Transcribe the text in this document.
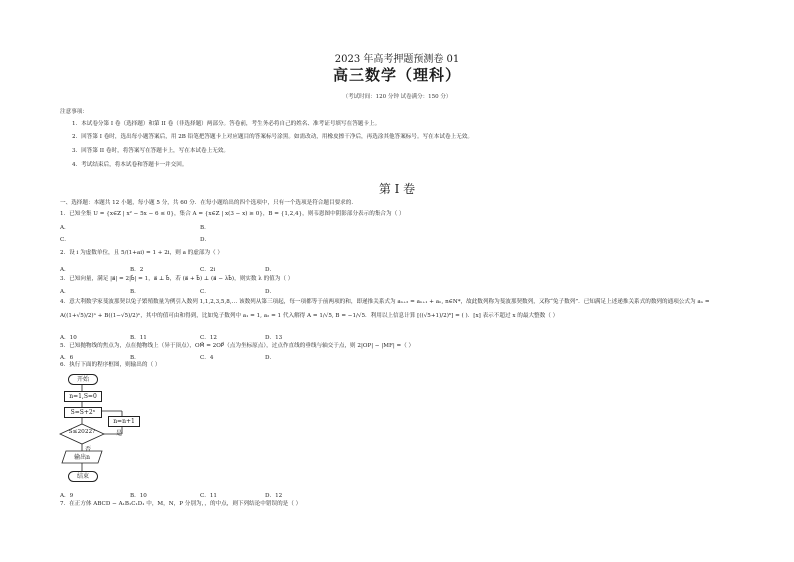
2023 年高考押题预测卷 01
高三数学（理科）
（考试时间：120 分钟 试卷满分：150 分）
注意事项：
1．本试卷分第 I 卷（选择题）和第 II 卷（非选择题）两部分。答卷前，考生务必将自己的姓名、准考证号填写在答题卡上。
2．回答第 I 卷时，选出每小题答案后，用 2B 铅笔把答题卡上对应题目的答案标号涂黑。如需改动，用橡皮擦干净后，再选涂其他答案标号。写在本试卷上无效。
3．回答第 II 卷时，将答案写在答题卡上，写在本试卷上无效。
4．考试结束后，将本试卷和答题卡一并交回。
第 I 卷
一、选择题：本题共 12 小题，每小题 5 分，共 60 分．在每小题给出的四个选项中，只有一个选项是符合题目要求的．
1．已知全集 U = {x∈Z | x² − 5x − 6 ≤ 0}，集合 A = {x∈Z | x(3 − x) ≥ 0}，B = {1,2,4}，则韦恩图中阴影部分表示的集合为（ ）
A．	B．
C．	D．
2．设 i 为虚数单位，且 5/(1+ai) = 1 + 2i，则 a 的虚部为（ ）
A．	B．2	C．2i	D．
3．已知向量，满足 |a⃗| = 2|b⃗| = 1，a⃗ ⊥ b⃗，若 (a⃗ + b⃗) ⊥ (a⃗ − λb⃗)，则实数 λ 的值为（ ）
A．	B．	C．	D．
4．意大利数学家斐波那契以兔子繁殖数量为例引入数列 1,1,2,3,5,8,… 该数列从第三项起，每一项都等于前两项的和，即递推关系式为 aₙ₊₂ = aₙ₊₁ + aₙ, n∈N*，故此数列称为斐波那契数列，又称“兔子数列”．已知满足上述递推关系式的数列的通项公式为 aₙ = A((1+√5)/2)ⁿ + B((1−√5)/2)ⁿ，其中的值可由和得到，比如兔子数列中 a₁ = 1, a₂ = 1 代入解得 A = 1/√5, B = −1/√5．利用以上信息计算 [((√5+1)/2)⁶] = ( )．[x] 表示不超过 x 的最大整数（ ）
A．10	B．11	C．12	D．13
5．已知抛物线的焦点为，点在抛物线上（异于顶点），OM⃗ = 2OP⃗（点为坐标原点），过点作直线的垂线与轴交于点，则 2|OP| − |MF| =（ ）
A．6	B．	C．4	D．
6．执行下面的程序框图，则输出的（ ）
开始
n=1,S=0
S=S+2ⁿ
n=n+1
S≤2022?	是
否
输出n
结束
A．9	B．10	C．11	D．12
7．在正方体 ABCD − A₁B₁C₁D₁ 中，M，N，P 分别为，，的中点，则下列结论中错误的是（ ）
